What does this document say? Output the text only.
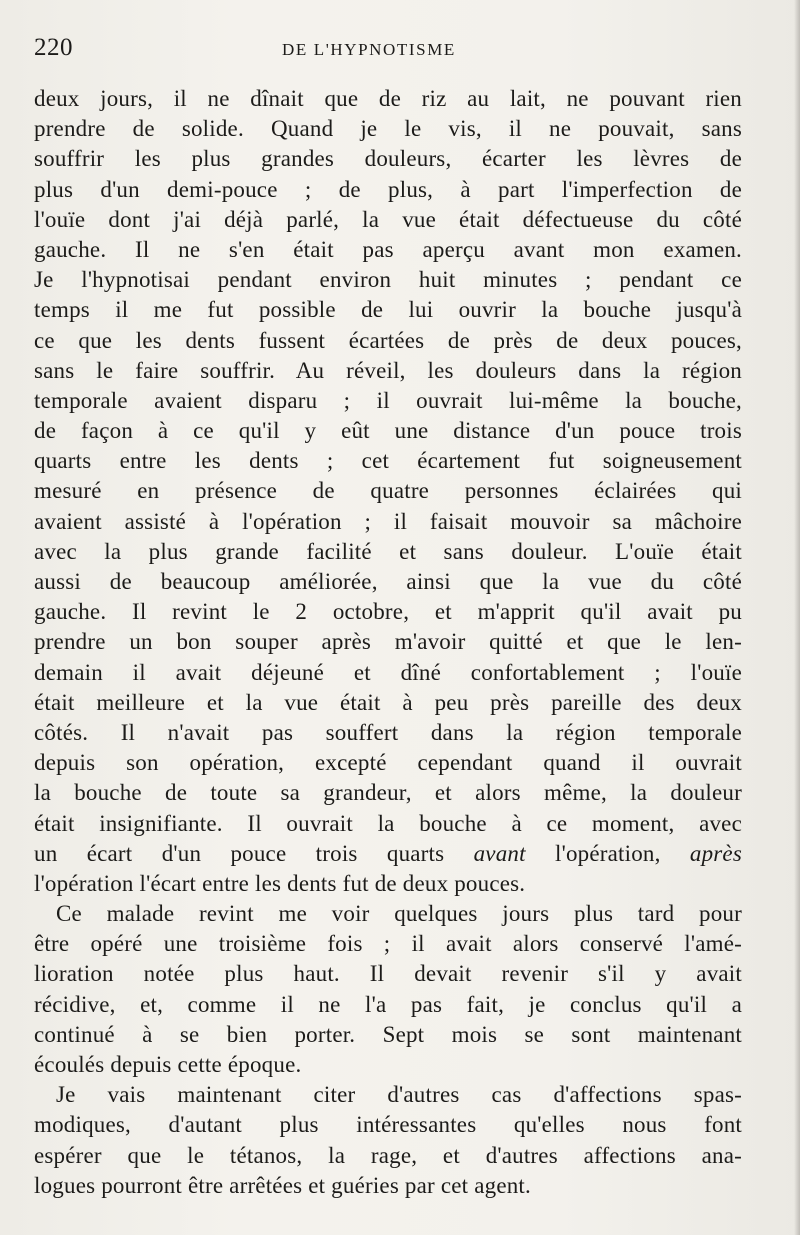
220	DE L'HYPNOTISME
deux jours, il ne dînait que de riz au lait, ne pouvant rien
prendre de solide. Quand je le vis, il ne pouvait, sans
souffrir les plus grandes douleurs, écarter les lèvres de
plus d'un demi-pouce ; de plus, à part l'imperfection de
l'ouïe dont j'ai déjà parlé, la vue était défectueuse du côté
gauche. Il ne s'en était pas aperçu avant mon examen.
Je l'hypnotisai pendant environ huit minutes ; pendant ce
temps il me fut possible de lui ouvrir la bouche jusqu'à
ce que les dents fussent écartées de près de deux pouces,
sans le faire souffrir. Au réveil, les douleurs dans la région
temporale avaient disparu ; il ouvrait lui-même la bouche,
de façon à ce qu'il y eût une distance d'un pouce trois
quarts entre les dents ; cet écartement fut soigneusement
mesuré en présence de quatre personnes éclairées qui
avaient assisté à l'opération ; il faisait mouvoir sa mâchoire
avec la plus grande facilité et sans douleur. L'ouïe était
aussi de beaucoup améliorée, ainsi que la vue du côté
gauche. Il revint le 2 octobre, et m'apprit qu'il avait pu
prendre un bon souper après m'avoir quitté et que le len-
demain il avait déjeuné et dîné confortablement ; l'ouïe
était meilleure et la vue était à peu près pareille des deux
côtés. Il n'avait pas souffert dans la région temporale
depuis son opération, excepté cependant quand il ouvrait
la bouche de toute sa grandeur, et alors même, la douleur
était insignifiante. Il ouvrait la bouche à ce moment, avec
un écart d'un pouce trois quarts avant l'opération, après
l'opération l'écart entre les dents fut de deux pouces.
Ce malade revint me voir quelques jours plus tard pour
être opéré une troisième fois ; il avait alors conservé l'amé-
lioration notée plus haut. Il devait revenir s'il y avait
récidive, et, comme il ne l'a pas fait, je conclus qu'il a
continué à se bien porter. Sept mois se sont maintenant
écoulés depuis cette époque.
Je vais maintenant citer d'autres cas d'affections spas-
modiques, d'autant plus intéressantes qu'elles nous font
espérer que le tétanos, la rage, et d'autres affections ana-
logues pourront être arrêtées et guéries par cet agent.
